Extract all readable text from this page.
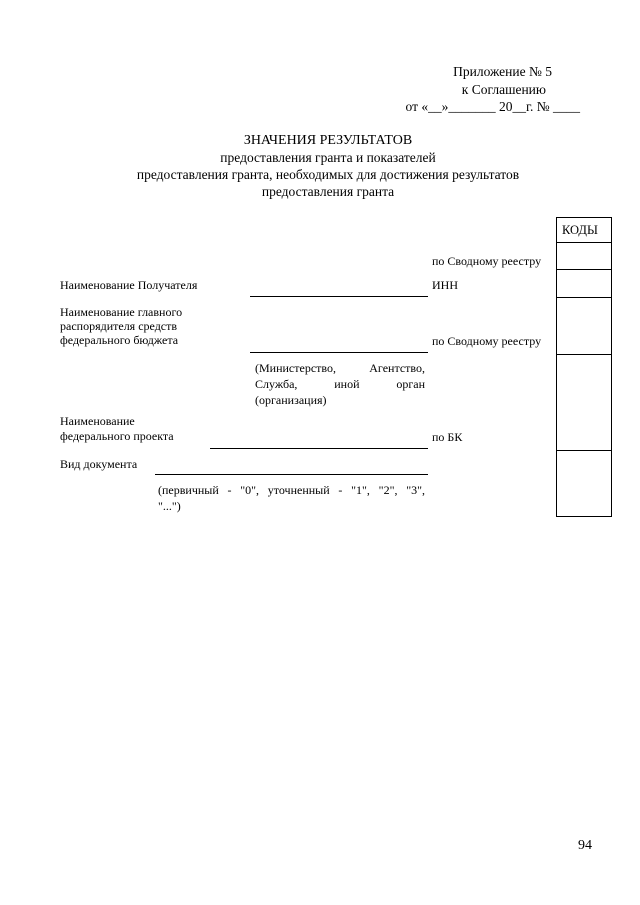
Приложение № 5
к Соглашению
от «__»_______ 20__г. № ____
ЗНАЧЕНИЯ РЕЗУЛЬТАТОВ
предоставления гранта и показателей
предоставления гранта, необходимых для достижения результатов
предоставления гранта
КОДЫ
по Сводному реестру
Наименование Получателя	ИНН
Наименование главного
распорядителя средств
федерального бюджета	по Сводному реестру
(Министерство, Агентство,
Служба, иной орган
(организация)
Наименование
федерального проекта	по БК
Вид документа
(первичный - "0", уточненный - "1", "2", "3",
"...")
94
